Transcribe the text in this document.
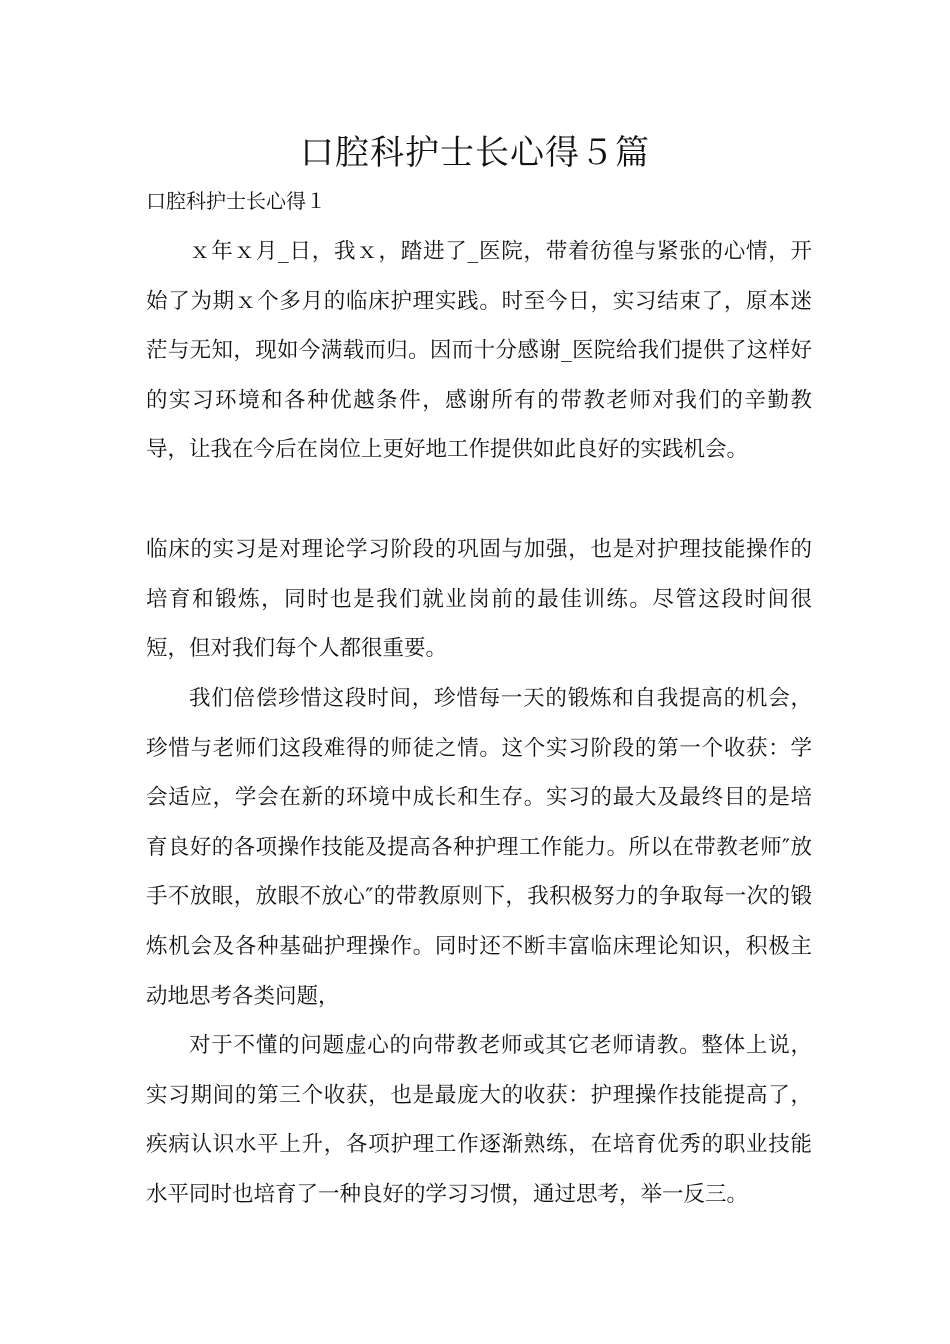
口腔科护士长心得５篇

口腔科护士长心得１

ｘ年ｘ月_日，我ｘ，踏进了_医院，带着彷徨与紧张的心情，开始了为期ｘ个多月的临床护理实践。时至今日，实习结束了，原本迷茫与无知，现如今满载而归。因而十分感谢_医院给我们提供了这样好的实习环境和各种优越条件，感谢所有的带教老师对我们的辛勤教导，让我在今后在岗位上更好地工作提供如此良好的实践机会。

临床的实习是对理论学习阶段的巩固与加强，也是对护理技能操作的培育和锻炼，同时也是我们就业岗前的最佳训练。尽管这段时间很短，但对我们每个人都很重要。

我们倍偿珍惜这段时间，珍惜每一天的锻炼和自我提高的机会，珍惜与老师们这段难得的师徒之情。这个实习阶段的第一个收获：学会适应，学会在新的环境中成长和生存。实习的最大及最终目的是培育良好的各项操作技能及提高各种护理工作能力。所以在带教老师″放手不放眼，放眼不放心″的带教原则下，我积极努力的争取每一次的锻炼机会及各种基础护理操作。同时还不断丰富临床理论知识，积极主动地思考各类问题，

对于不懂的问题虚心的向带教老师或其它老师请教。整体上说，实习期间的第三个收获，也是最庞大的收获：护理操作技能提高了，疾病认识水平上升，各项护理工作逐渐熟练，在培育优秀的职业技能水平同时也培育了一种良好的学习习惯，通过思考，举一反三。
